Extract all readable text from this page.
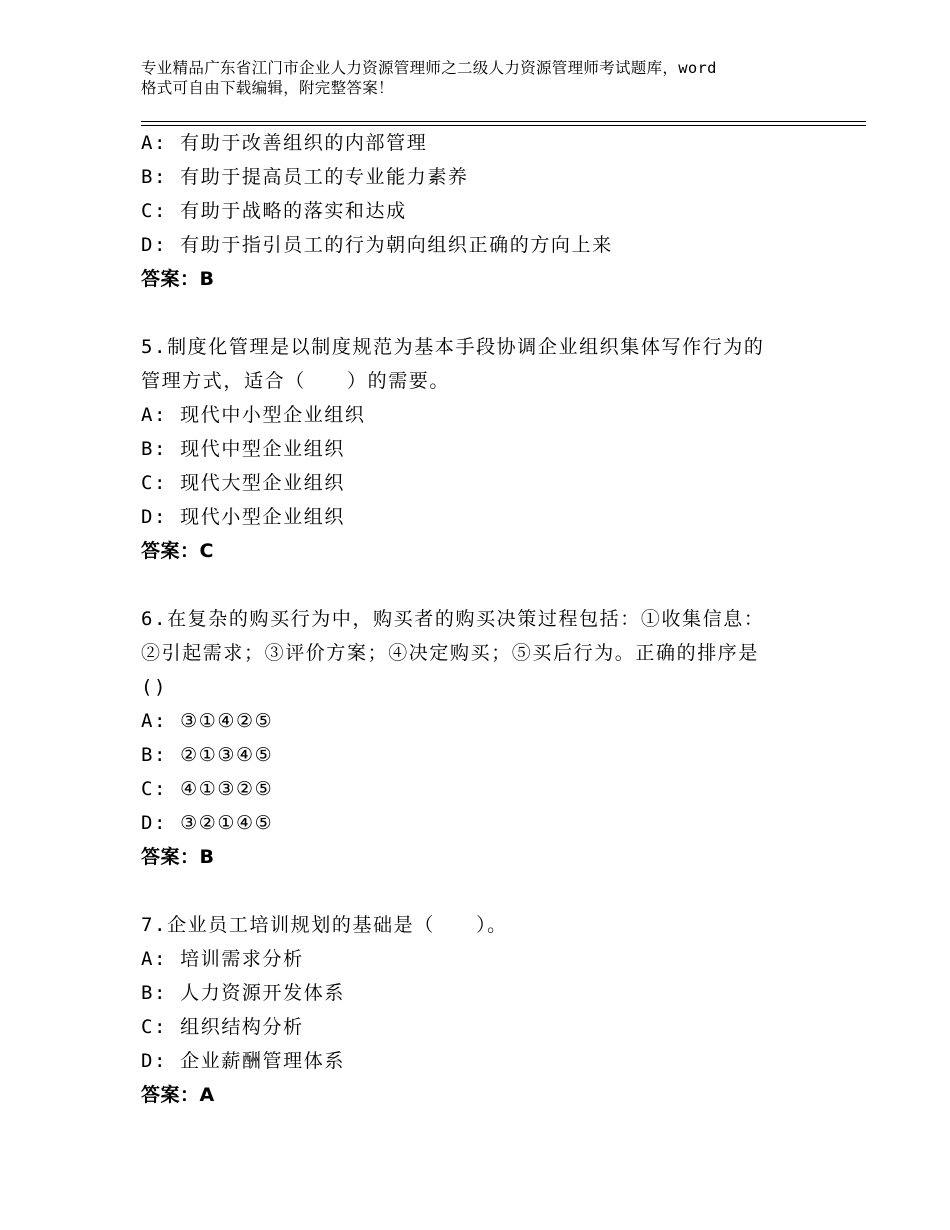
专业精品广东省江门市企业人力资源管理师之二级人力资源管理师考试题库，word
格式可自由下载编辑，附完整答案！
A: 有助于改善组织的内部管理
B: 有助于提高员工的专业能力素养
C: 有助于战略的落实和达成
D: 有助于指引员工的行为朝向组织正确的方向上来
答案：B
5.制度化管理是以制度规范为基本手段协调企业组织集体写作行为的
管理方式，适合（　　）的需要。
A: 现代中小型企业组织
B: 现代中型企业组织
C: 现代大型企业组织
D: 现代小型企业组织
答案：C
6.在复杂的购买行为中，购买者的购买决策过程包括：①收集信息：
②引起需求；③评价方案；④决定购买；⑤买后行为。正确的排序是
()
A: ③①④②⑤
B: ②①③④⑤
C: ④①③②⑤
D: ③②①④⑤
答案：B
7.企业员工培训规划的基础是（　　）。
A: 培训需求分析
B: 人力资源开发体系
C: 组织结构分析
D: 企业薪酬管理体系
答案：A
